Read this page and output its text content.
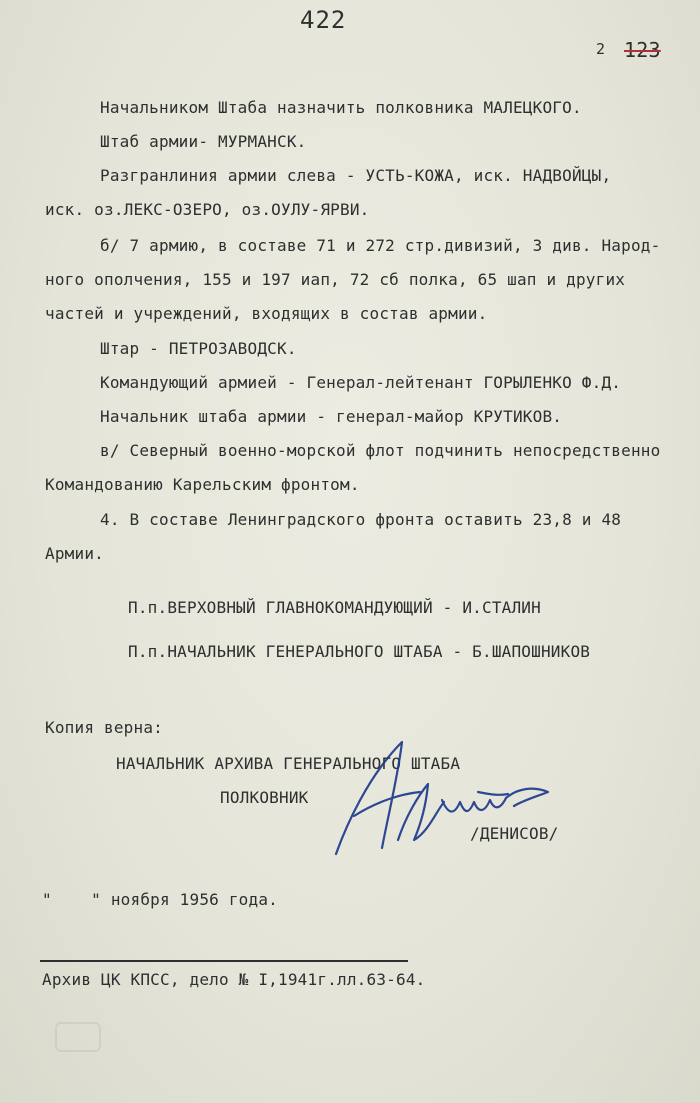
422
2 123
Начальником Штаба назначить полковника МАЛЕЦКОГО.
Штаб армии- МУРМАНСК.
Разгранлиния армии слева - УСТЬ-КОЖА, иск. НАДВОЙЦЫ,
иск. оз.ЛЕКС-ОЗЕРО, оз.ОУЛУ-ЯРВИ.
б/ 7 армию, в составе 71 и 272 стр.дивизий, 3 див. Народ-
ного ополчения, 155 и 197 иап, 72 сб полка, 65 шап и других
частей и учреждений, входящих в состав армии.
Штар - ПЕТРОЗАВОДСК.
Командующий армией - Генерал-лейтенант ГОРЫЛЕНКО Ф.Д.
Начальник штаба армии - генерал-майор КРУТИКОВ.
в/ Северный военно-морской флот подчинить непосредственно
Командованию Карельским фронтом.
4. В составе Ленинградского фронта оставить 23,8 и 48
Армии.
П.п.ВЕРХОВНЫЙ ГЛАВНОКОМАНДУЮЩИЙ - И.СТАЛИН
П.п.НАЧАЛЬНИК ГЕНЕРАЛЬНОГО ШТАБА - Б.ШАПОШНИКОВ
Копия верна:
НАЧАЛЬНИК АРХИВА ГЕНЕРАЛЬНОГО ШТАБА
ПОЛКОВНИК
/ДЕНИСОВ/
"    " ноября 1956 года.
Архив ЦК КПСС, дело № I,1941г.лл.63-64.
